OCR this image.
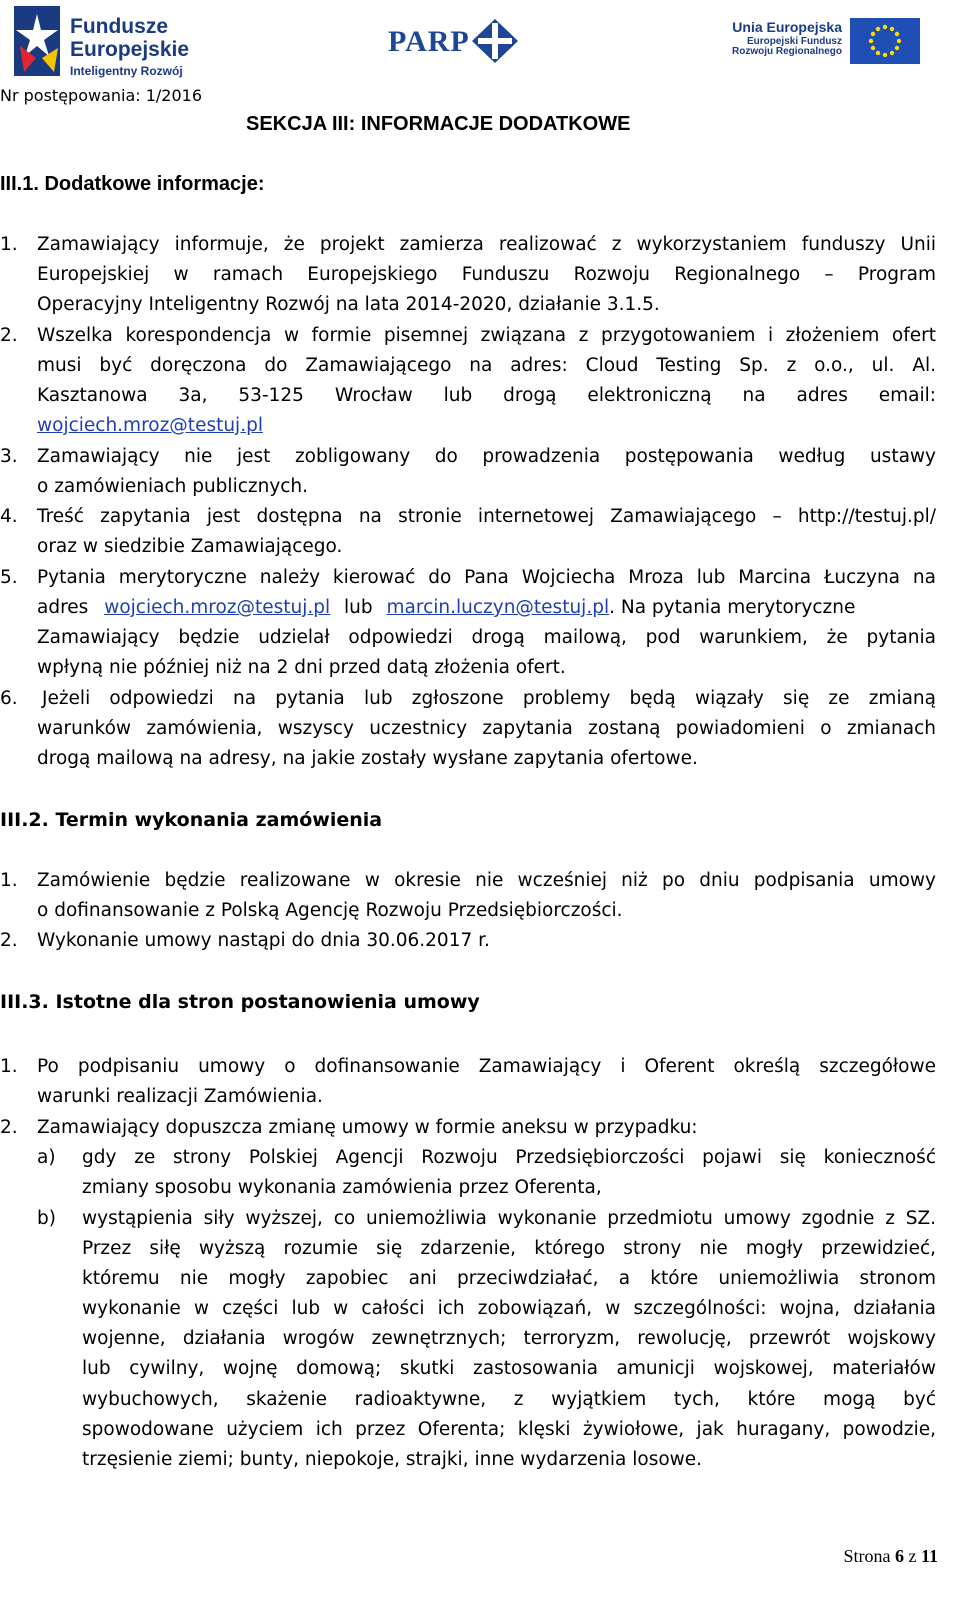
Fundusze
Europejskie
Inteligentny Rozwój
PARP	Unia Europejska
Europejski Fundusz
Rozwoju Regionalnego
Nr postępowania: 1/2016
SEKCJA III: INFORMACJE DODATKOWE
III.1. Dodatkowe informacje:
1. Zamawiający informuje, że projekt zamierza realizować z wykorzystaniem funduszy Unii
Europejskiej w ramach Europejskiego Funduszu Rozwoju Regionalnego – Program
Operacyjny Inteligentny Rozwój na lata 2014-2020, działanie 3.1.5.
2. Wszelka korespondencja w formie pisemnej związana z przygotowaniem i złożeniem ofert
musi być doręczona do Zamawiającego na adres: Cloud Testing Sp. z o.o., ul. Al.
Kasztanowa 3a, 53-125 Wrocław lub drogą elektroniczną na adres email:
wojciech.mroz@testuj.pl
3. Zamawiający nie jest zobligowany do prowadzenia postępowania według ustawy
o zamówieniach publicznych.
4. Treść zapytania jest dostępna na stronie internetowej Zamawiającego – http://testuj.pl/
oraz w siedzibie Zamawiającego.
5. Pytania merytoryczne należy kierować do Pana Wojciecha Mroza lub Marcina Łuczyna na
adres wojciech.mroz@testuj.pl lub marcin.luczyn@testuj.pl. Na pytania merytoryczne
Zamawiający będzie udzielał odpowiedzi drogą mailową, pod warunkiem, że pytania
wpłyną nie później niż na 2 dni przed datą złożenia ofert.
6. Jeżeli odpowiedzi na pytania lub zgłoszone problemy będą wiązały się ze zmianą
warunków zamówienia, wszyscy uczestnicy zapytania zostaną powiadomieni o zmianach
drogą mailową na adresy, na jakie zostały wysłane zapytania ofertowe.
III.2. Termin wykonania zamówienia
1. Zamówienie będzie realizowane w okresie nie wcześniej niż po dniu podpisania umowy
o dofinansowanie z Polską Agencję Rozwoju Przedsiębiorczości.
2. Wykonanie umowy nastąpi do dnia 30.06.2017 r.
III.3. Istotne dla stron postanowienia umowy
1. Po podpisaniu umowy o dofinansowanie Zamawiający i Oferent określą szczegółowe
warunki realizacji Zamówienia.
2. Zamawiający dopuszcza zmianę umowy w formie aneksu w przypadku:
a) gdy ze strony Polskiej Agencji Rozwoju Przedsiębiorczości pojawi się konieczność
zmiany sposobu wykonania zamówienia przez Oferenta,
b) wystąpienia siły wyższej, co uniemożliwia wykonanie przedmiotu umowy zgodnie z SZ.
Przez siłę wyższą rozumie się zdarzenie, którego strony nie mogły przewidzieć,
któremu nie mogły zapobiec ani przeciwdziałać, a które uniemożliwia stronom
wykonanie w części lub w całości ich zobowiązań, w szczególności: wojna, działania
wojenne, działania wrogów zewnętrznych; terroryzm, rewolucję, przewrót wojskowy
lub cywilny, wojnę domową; skutki zastosowania amunicji wojskowej, materiałów
wybuchowych, skażenie radioaktywne, z wyjątkiem tych, które mogą być
spowodowane użyciem ich przez Oferenta; klęski żywiołowe, jak huragany, powodzie,
trzęsienie ziemi; bunty, niepokoje, strajki, inne wydarzenia losowe.
Strona 6 z 11
